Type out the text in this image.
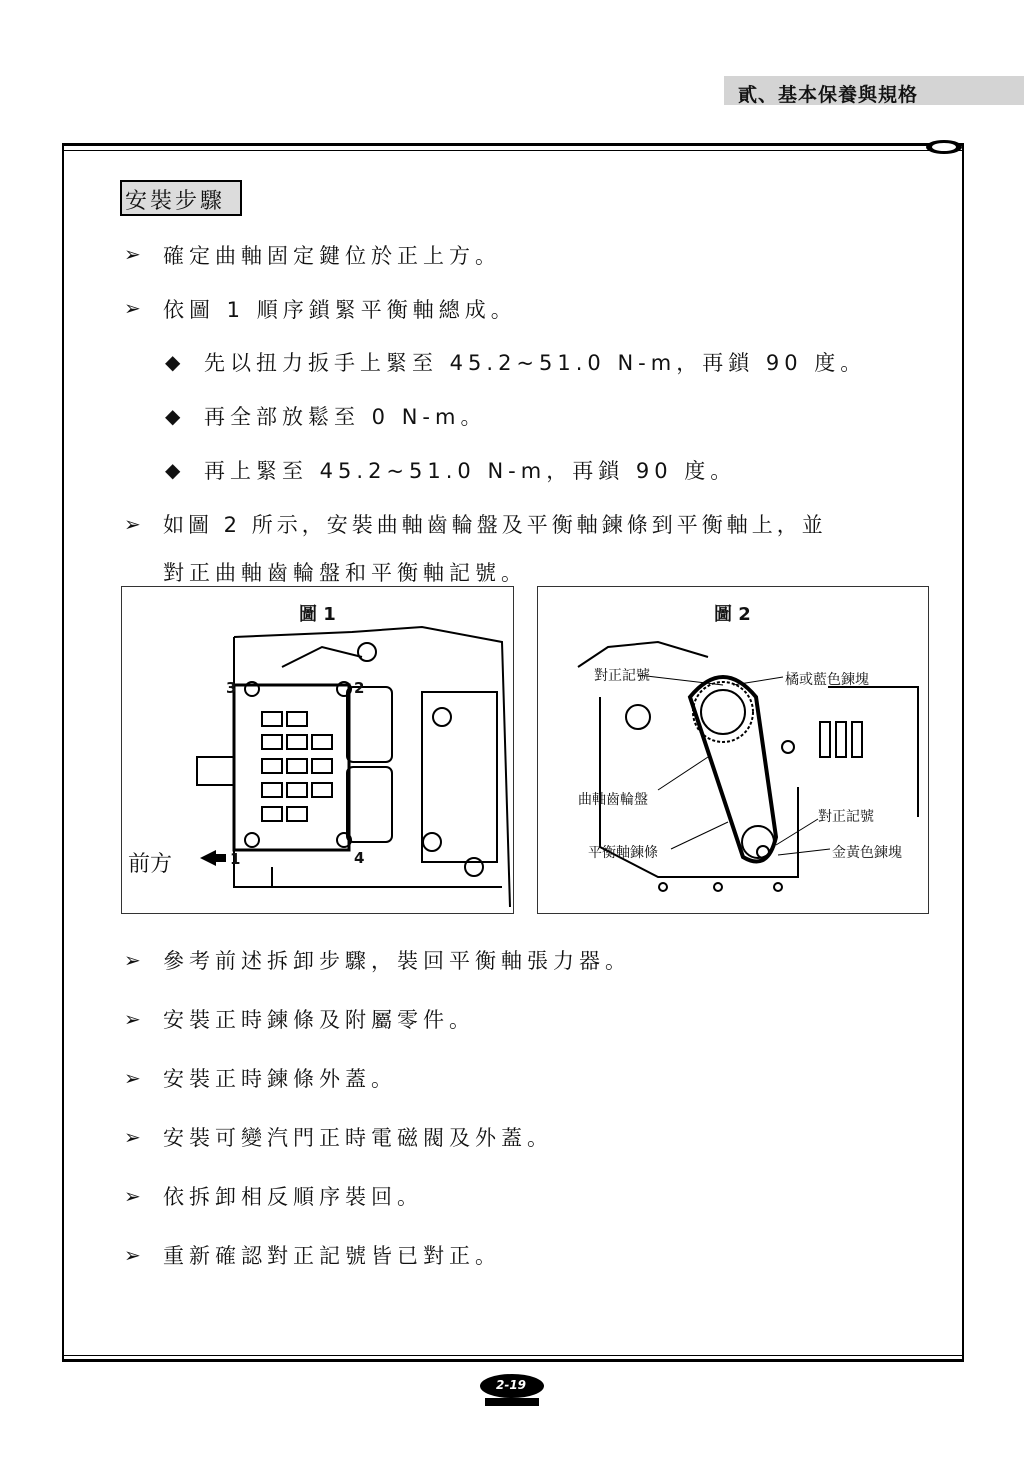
貳、基本保養與規格
安裝步驟
➢ 確定曲軸固定鍵位於正上方。
➢ 依圖 1 順序鎖緊平衡軸總成。
◆ 先以扭力扳手上緊至 45.2~51.0 N-m，再鎖 90 度。
◆ 再全部放鬆至 0 N-m。
◆ 再上緊至 45.2~51.0 N-m，再鎖 90 度。
➢ 如圖 2 所示，安裝曲軸齒輪盤及平衡軸鍊條到平衡軸上，並
對正曲軸齒輪盤和平衡軸記號。
圖 1
前方	1
2
3
4
圖 2
對正記號	橘或藍色鍊塊
曲軸齒輪盤
對正記號
平衡軸鍊條	金黃色鍊塊
➢ 參考前述拆卸步驟，裝回平衡軸張力器。
➢ 安裝正時鍊條及附屬零件。
➢ 安裝正時鍊條外蓋。
➢ 安裝可變汽門正時電磁閥及外蓋。
➢ 依拆卸相反順序裝回。
➢ 重新確認對正記號皆已對正。
2-19
